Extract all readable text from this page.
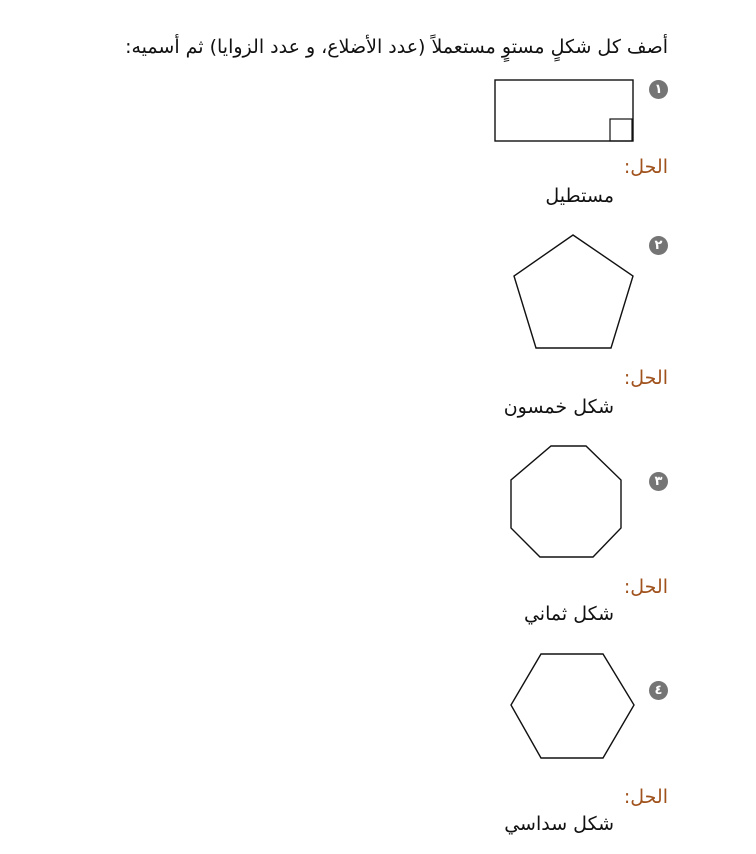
أصف كل شكلٍ مستوٍ مستعملاً (عدد الأضلاع، و عدد الزوايا) ثم أسميه:
١
الحل:
مستطيل
٢
الحل:
شكل خمسون
٣
الحل:
شكل ثماني
٤
الحل:
شكل سداسي
